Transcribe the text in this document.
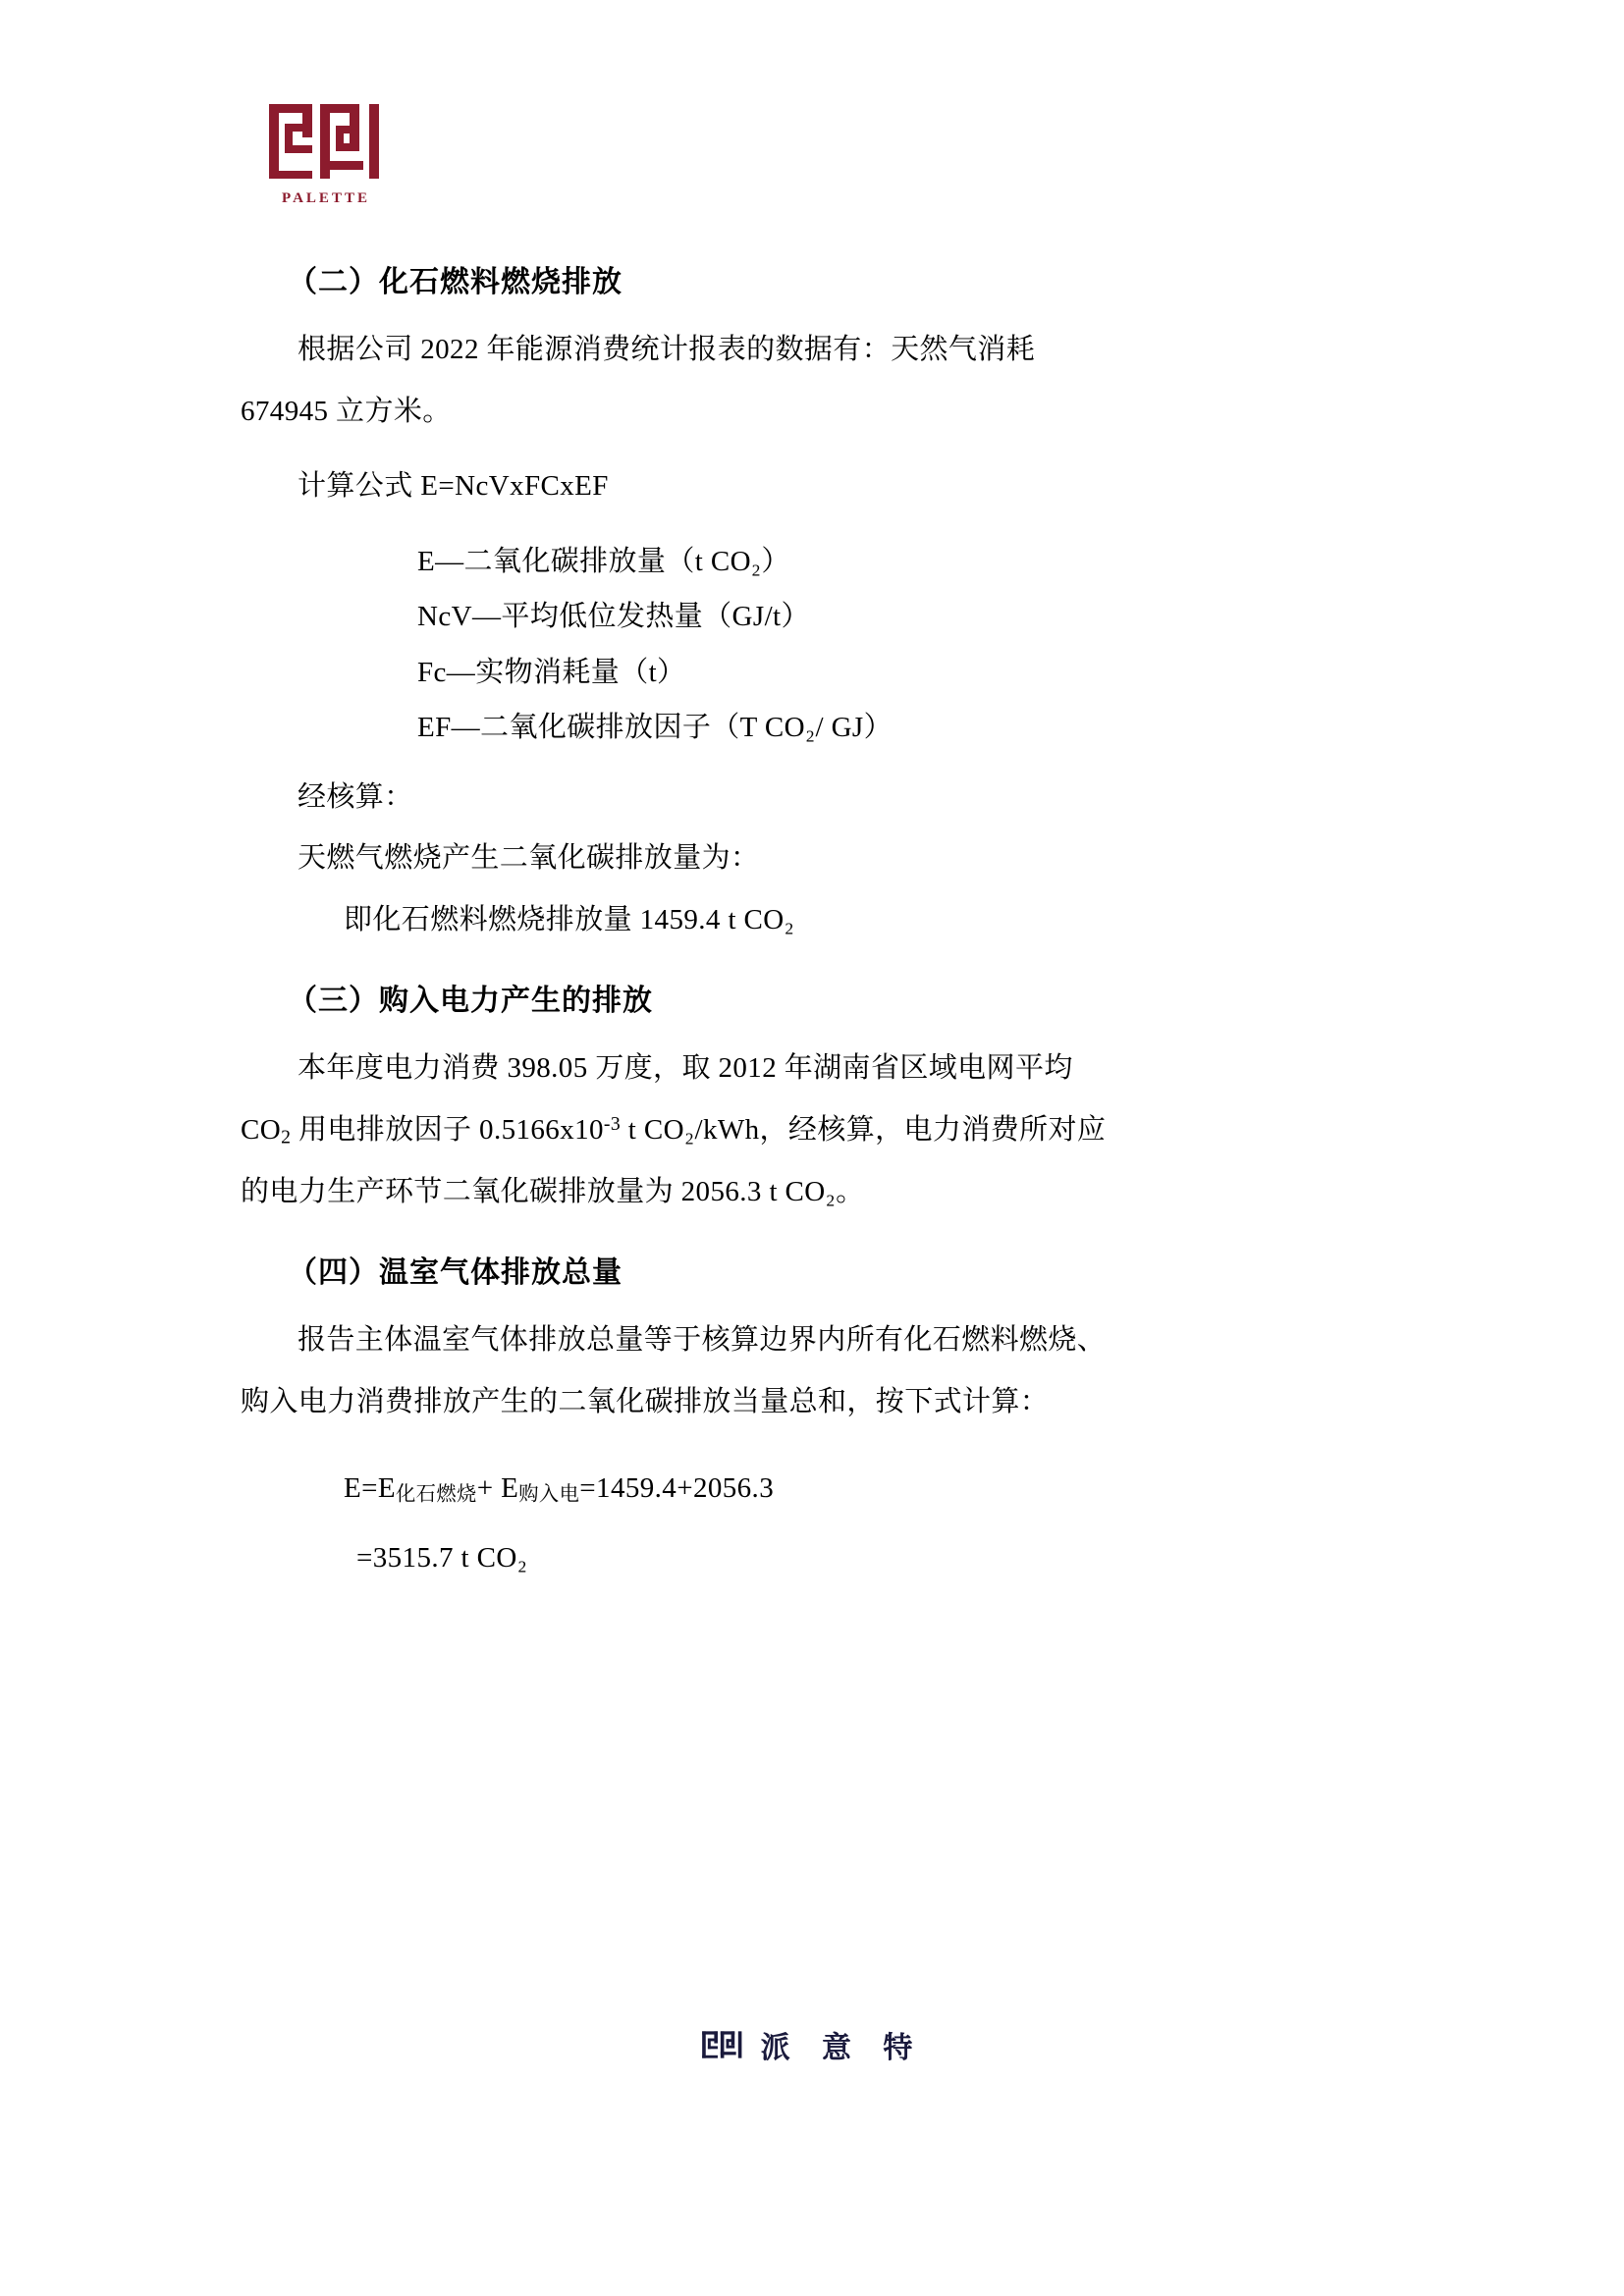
PALETTE
（二）化石燃料燃烧排放

根据公司 2022 年能源消费统计报表的数据有：天然气消耗

674945 立方米。

计算公式 E=NcVxFCxEF

E—二氧化碳排放量（t CO₂）

NcV—平均低位发热量（GJ/t）

Fc—实物消耗量（t）

EF—二氧化碳排放因子（T CO₂/ GJ）

经核算：

天燃气燃烧产生二氧化碳排放量为：

即化石燃料燃烧排放量 1459.4 t CO₂

（三）购入电力产生的排放

本年度电力消费 398.05 万度，取 2012 年湖南省区域电网平均

$CO_2$ 用电排放因子 $0.5166x10^{-3}$ t CO₂/kWh，经核算，电力消费所对应

的电力生产环节二氧化碳排放量为 2056.3 t CO₂。

（四）温室气体排放总量

报告主体温室气体排放总量等于核算边界内所有化石燃料燃烧、

购入电力消费排放产生的二氧化碳排放当量总和，按下式计算：

E=E化石燃烧+ E购入电=1459.4+2056.3

=3515.7 t CO₂

派 意 特
